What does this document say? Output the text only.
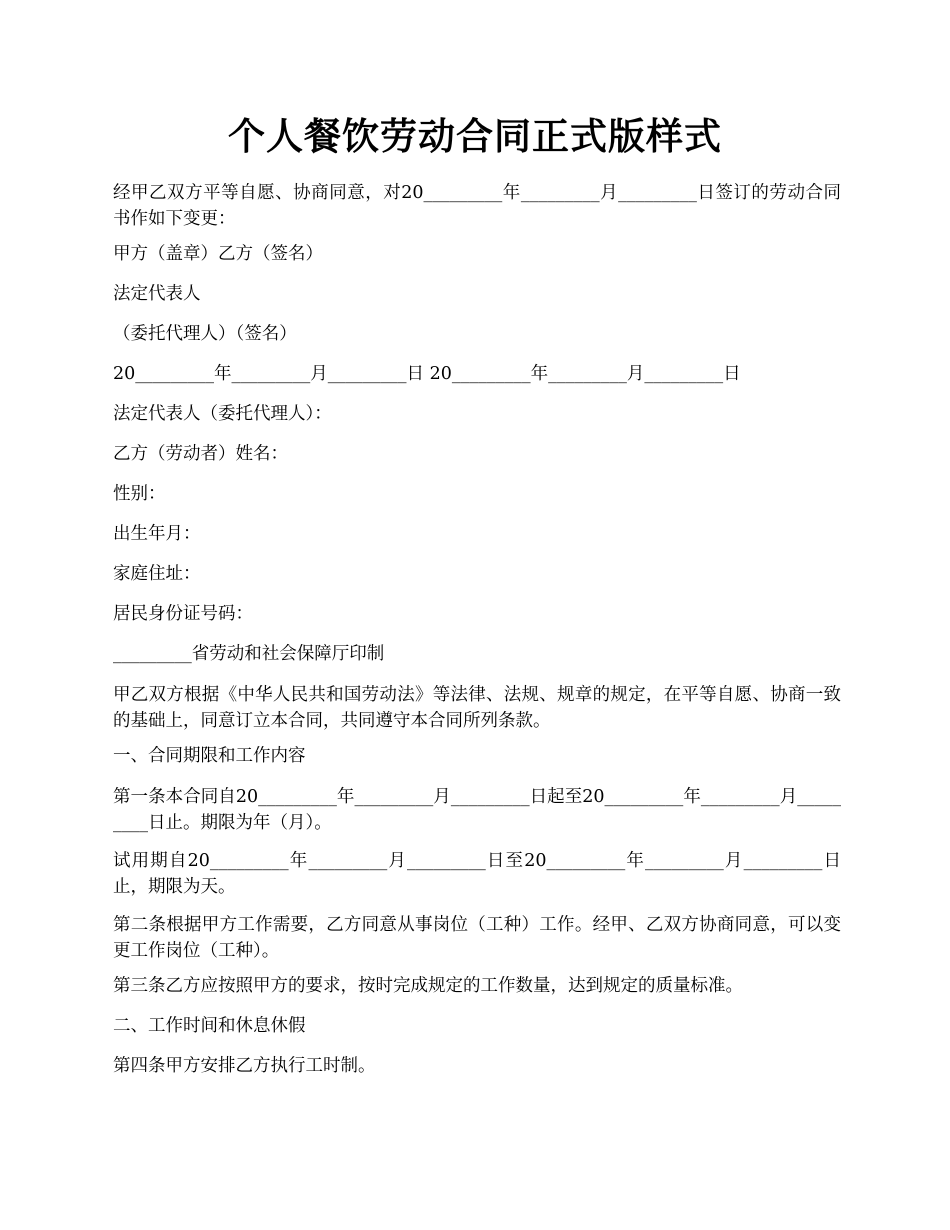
个人餐饮劳动合同正式版样式
经甲乙双方平等自愿、协商同意，对20_________年_________月_________日签订的劳动合同书作如下变更：
甲方（盖章）乙方（签名）
法定代表人
（委托代理人）（签名）
20_________年_________月_________日 20_________年_________月_________日
法定代表人（委托代理人）：
乙方（劳动者）姓名：
性别：
出生年月：
家庭住址：
居民身份证号码：
_________省劳动和社会保障厅印制
甲乙双方根据《中华人民共和国劳动法》等法律、法规、规章的规定，在平等自愿、协商一致的基础上，同意订立本合同，共同遵守本合同所列条款。
一、合同期限和工作内容
第一条本合同自20_________年_________月_________日起至20_________年_________月_________日止。期限为年（月）。
试用期自20_________年_________月_________日至20_________年_________月_________日止，期限为天。
第二条根据甲方工作需要，乙方同意从事岗位（工种）工作。经甲、乙双方协商同意，可以变更工作岗位（工种）。
第三条乙方应按照甲方的要求，按时完成规定的工作数量，达到规定的质量标准。
二、工作时间和休息休假
第四条甲方安排乙方执行工时制。
